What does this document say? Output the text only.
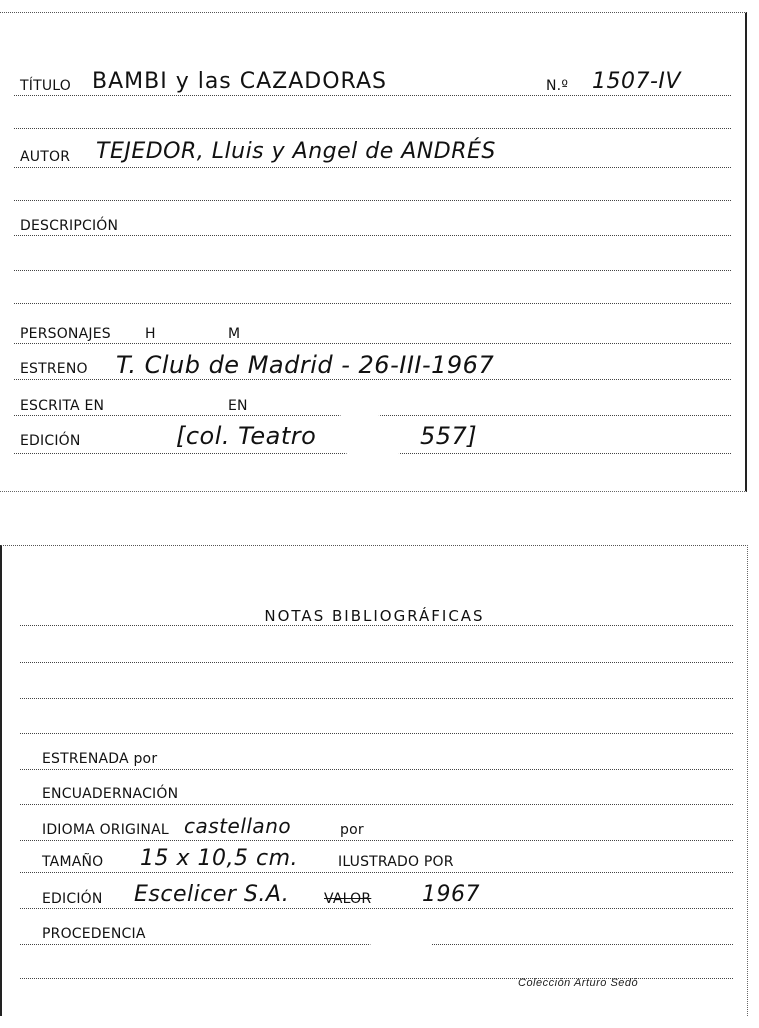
TÍTULO BAMBI y las CAZADORAS	N.º 1507-IV
AUTOR TEJEDOR, Lluis y Angel de ANDRÉS
DESCRIPCIÓN
PERSONAJES H	M
ESTRENO T. Club de Madrid - 26-III-1967
ESCRITA EN	EN
EDICIÓN	[col. Teatro	557]
NOTAS BIBLIOGRÁFICAS
ESTRENADA por
ENCUADERNACIÓN
IDIOMA ORIGINAL castellano	por
TAMAÑO 15 x 10,5 cm.	ILUSTRADO POR
EDICIÓN Escelicer S.A. VALOR 1967
PROCEDENCIA
Colección Arturo Sedó
